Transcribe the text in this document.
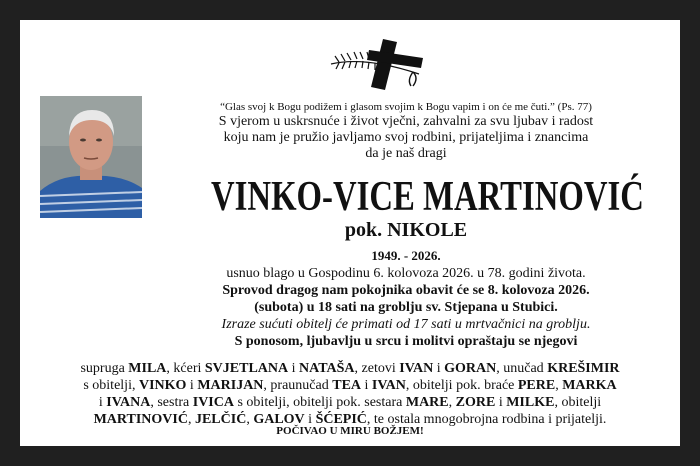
“Glas svoj k Bogu podižem i glasom svojim k Bogu vapim i on će me čuti.” (Ps. 77)
S vjerom u uskrsnuće i život vječni, zahvalni za svu ljubav i radost
koju nam je pružio javljamo svoj rodbini, prijateljima i znancima
da je naš dragi
VINKO-VICE MARTINOVIĆ
pok. NIKOLE
1949. - 2026.
usnuo blago u Gospodinu 6. kolovoza 2026. u 78. godini života.
Sprovod dragog nam pokojnika obavit će se 8. kolovoza 2026.
(subota) u 18 sati na groblju sv. Stjepana u Stubici.
Izraze sućuti obitelj će primati od 17 sati u mrtvačnici na groblju.
S ponosom, ljubavlju u srcu i molitvi opraštaju se njegovi
supruga MILA, kćeri SVJETLANA i NATAŠA, zetovi IVAN i GORAN, unučad KREŠIMIR
s obitelji, VINKO i MARIJAN, praunučad TEA i IVAN, obitelji pok. braće PERE, MARKA
i IVANA, sestra IVICA s obitelji, obitelji pok. sestara MARE, ZORE i MILKE, obitelji
MARTINOVIĆ, JELČIĆ, GALOV i ŠĆEPIĆ, te ostala mnogobrojna rodbina i prijatelji.
POČIVAO U MIRU BOŽJEM!
